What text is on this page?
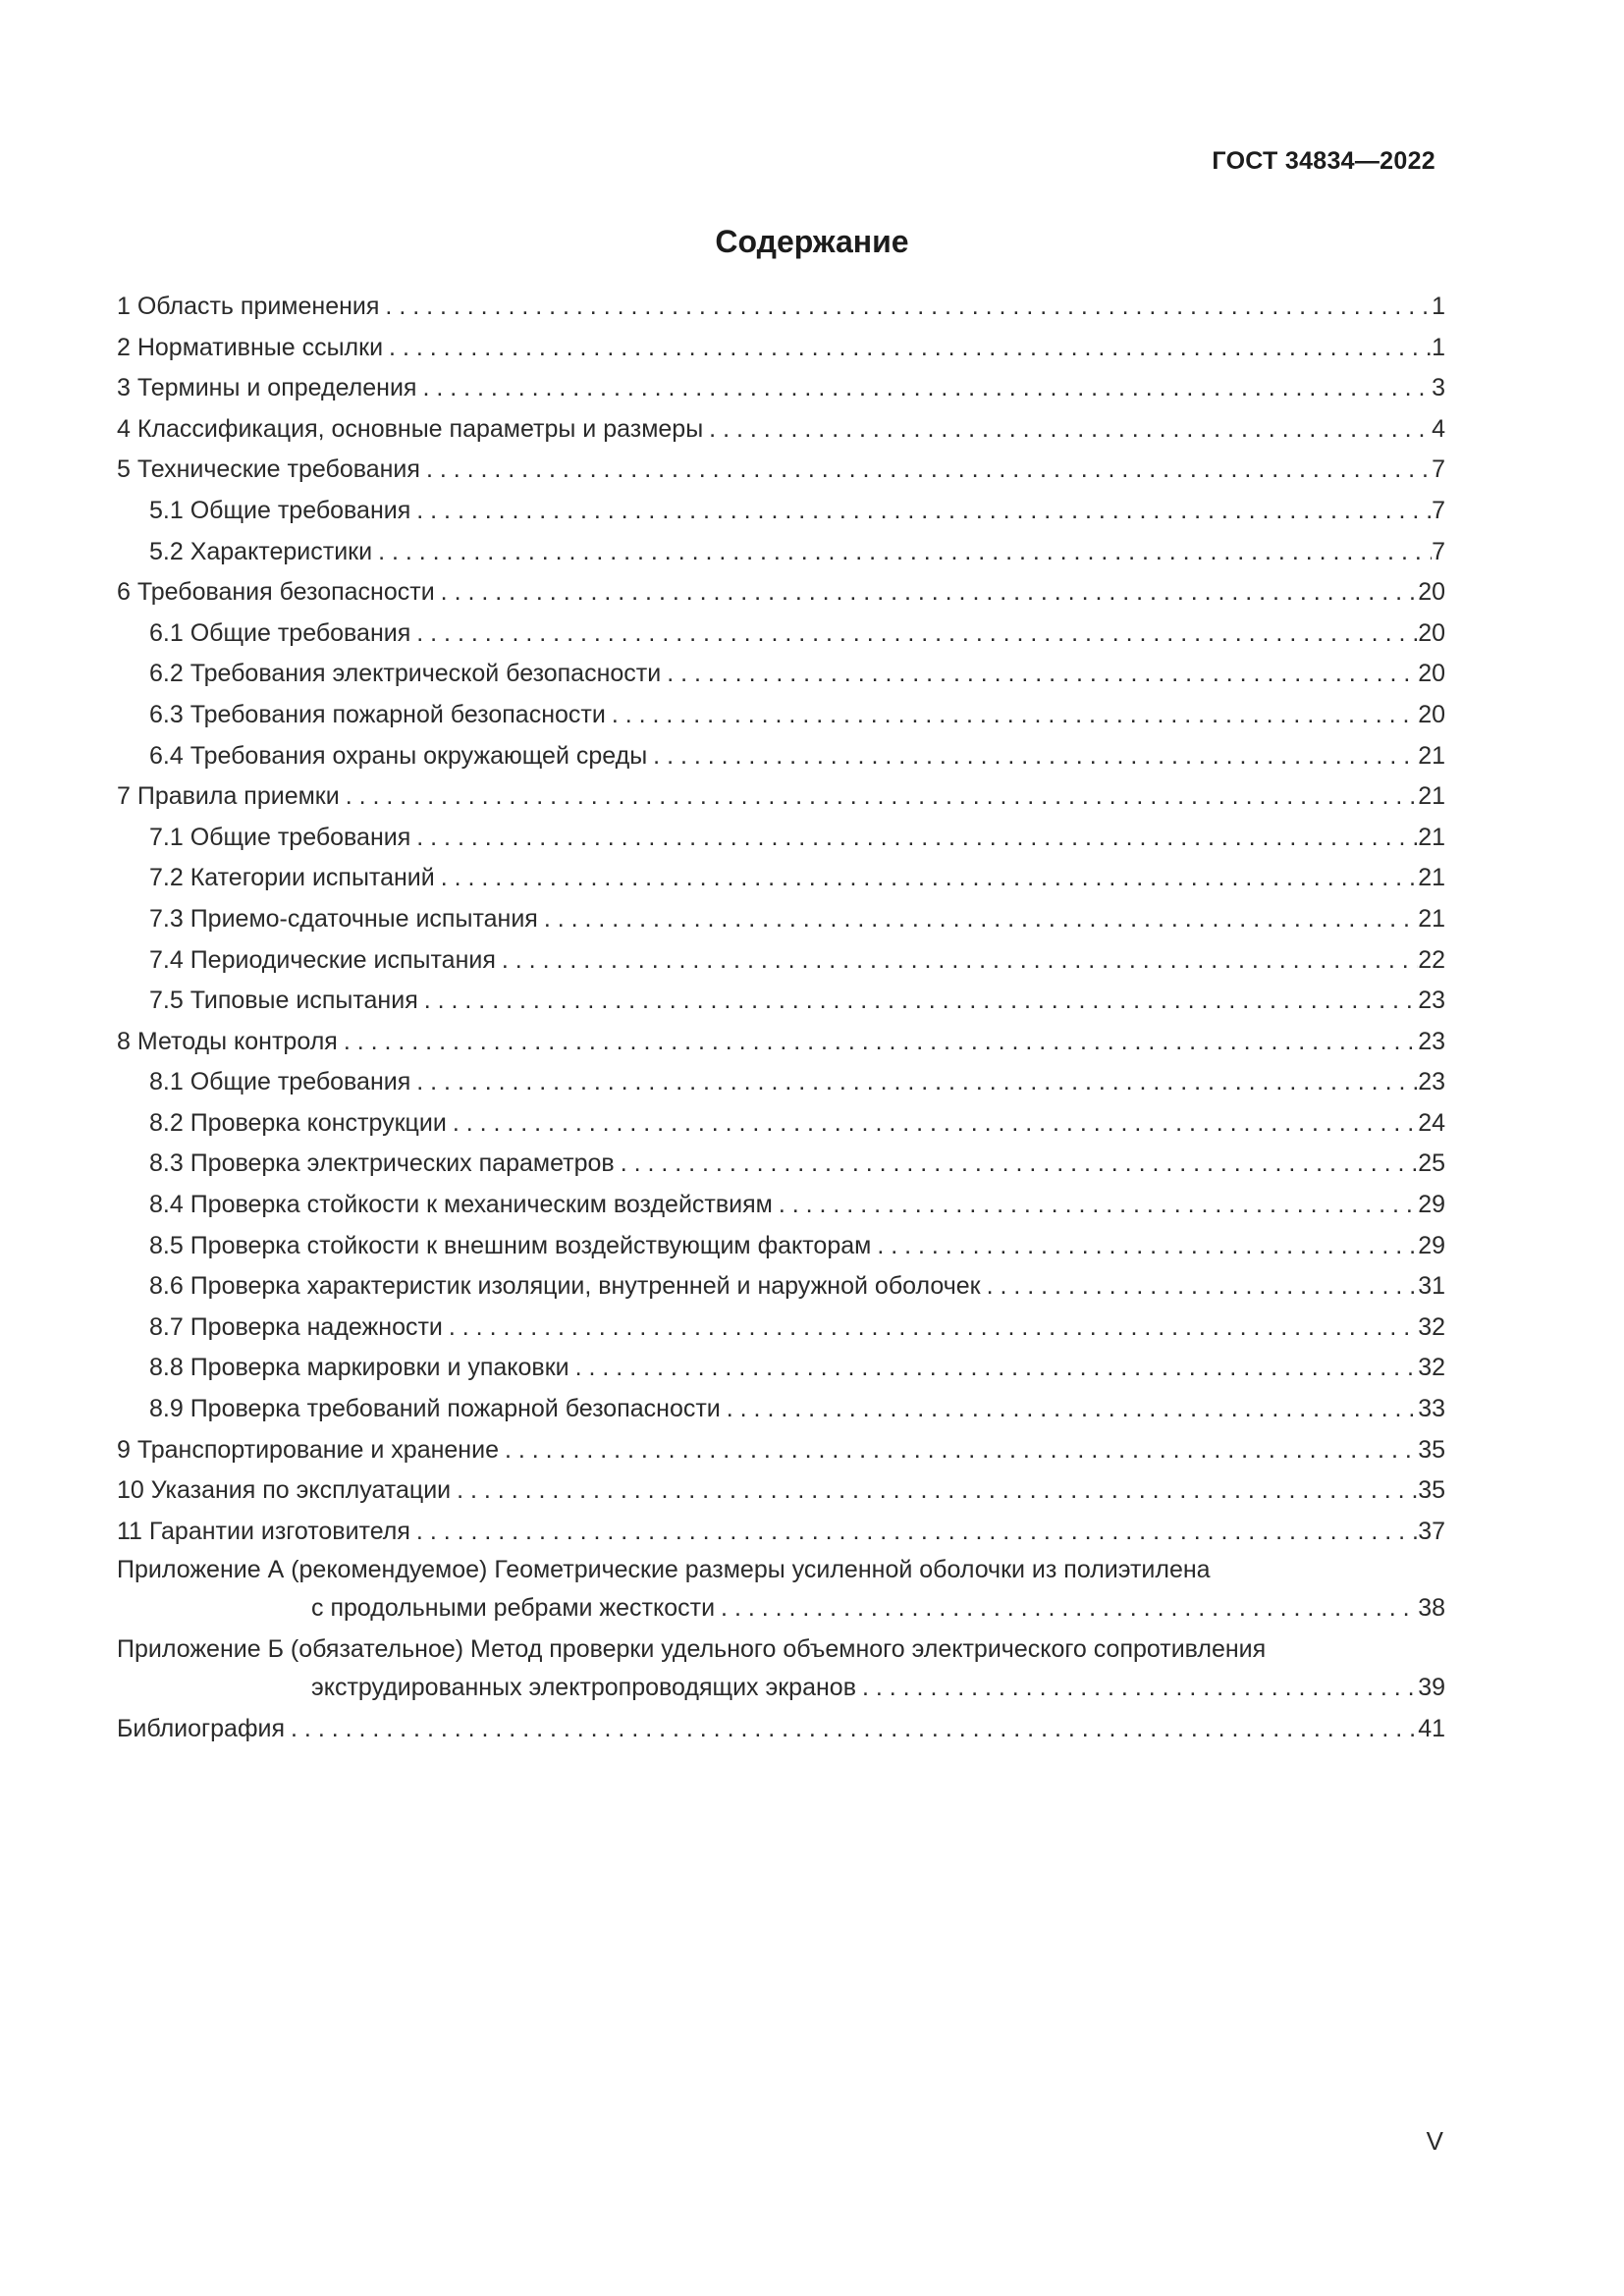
ГОСТ 34834—2022
Содержание
1 Область применения . . .	1
2 Нормативные ссылки . . .	1
3 Термины и определения . . .	3
4 Классификация, основные параметры и размеры . . .	4
5 Технические требования . . .	7
5.1 Общие требования . . .	7
5.2 Характеристики . . .	7
6 Требования безопасности . . .	20
6.1 Общие требования . . .	20
6.2 Требования электрической безопасности . . .	20
6.3 Требования пожарной безопасности . . .	20
6.4 Требования охраны окружающей среды . . .	21
7 Правила приемки . . .	21
7.1 Общие требования . . .	21
7.2 Категории испытаний . . .	21
7.3 Приемо-сдаточные испытания . . .	21
7.4 Периодические испытания . . .	22
7.5 Типовые испытания . . .	23
8 Методы контроля . . .	23
8.1 Общие требования . . .	23
8.2 Проверка конструкции . . .	24
8.3 Проверка электрических параметров . . .	25
8.4 Проверка стойкости к механическим воздействиям . . .	29
8.5 Проверка стойкости к внешним воздействующим факторам . . .	29
8.6 Проверка характеристик изоляции, внутренней и наружной оболочек . . .	31
8.7 Проверка надежности . . .	32
8.8 Проверка маркировки и упаковки . . .	32
8.9 Проверка требований пожарной безопасности . . .	33
9 Транспортирование и хранение . . .	35
10 Указания по эксплуатации . . .	35
11 Гарантии изготовителя . . .	37
Приложение А (рекомендуемое) Геометрические размеры усиленной оболочки из полиэтилена
с продольными ребрами жесткости . . .	38
Приложение Б (обязательное) Метод проверки удельного объемного электрического сопротивления
экструдированных электропроводящих экранов . . .	39
Библиография . . .	41
V
